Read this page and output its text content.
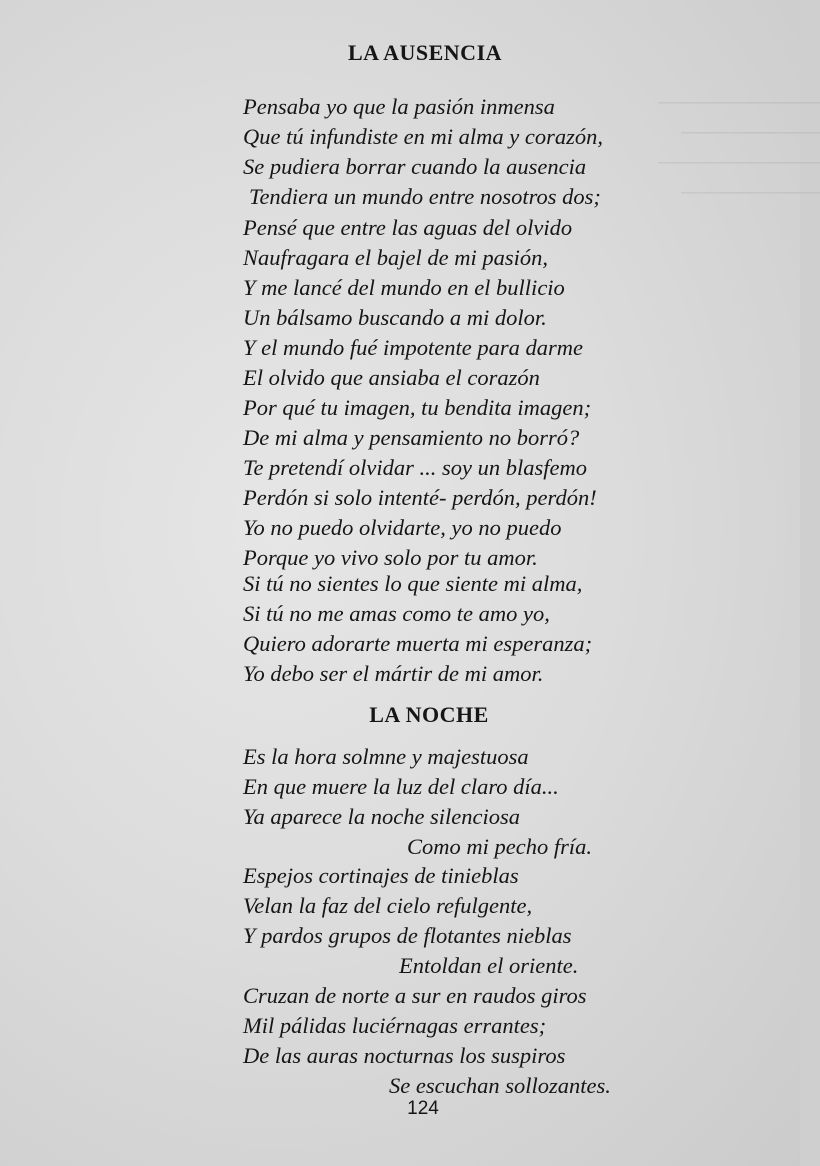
———————
——————
———————
——————
LA AUSENCIA
Pensaba yo que la pasión inmensa
Que tú infundiste en mi alma y corazón,
Se pudiera borrar cuando la ausencia
Tendiera un mundo entre nosotros dos;
Pensé que entre las aguas del olvido
Naufragara el bajel de mi pasión,
Y me lancé del mundo en el bullicio
Un bálsamo buscando a mi dolor.
Y el mundo fué impotente para darme
El olvido que ansiaba el corazón
Por qué tu imagen, tu bendita imagen;
De mi alma y pensamiento no borró?
Te pretendí olvidar ... soy un blasfemo
Perdón si solo intenté- perdón, perdón!
Yo no puedo olvidarte, yo no puedo
Porque yo vivo solo por tu amor.
Si tú no sientes lo que siente mi alma,
Si tú no me amas como te amo yo,
Quiero adorarte muerta mi esperanza;
Yo debo ser el mártir de mi amor.
LA NOCHE
Es la hora solmne y majestuosa
En que muere la luz del claro día...
Ya aparece la noche silenciosa
Como mi pecho fría.
Espejos cortinajes de tinieblas
Velan la faz del cielo refulgente,
Y pardos grupos de flotantes nieblas
Entoldan el oriente.
Cruzan de norte a sur en raudos giros
Mil pálidas luciérnagas errantes;
De las auras nocturnas los suspiros
Se escuchan sollozantes.
124
